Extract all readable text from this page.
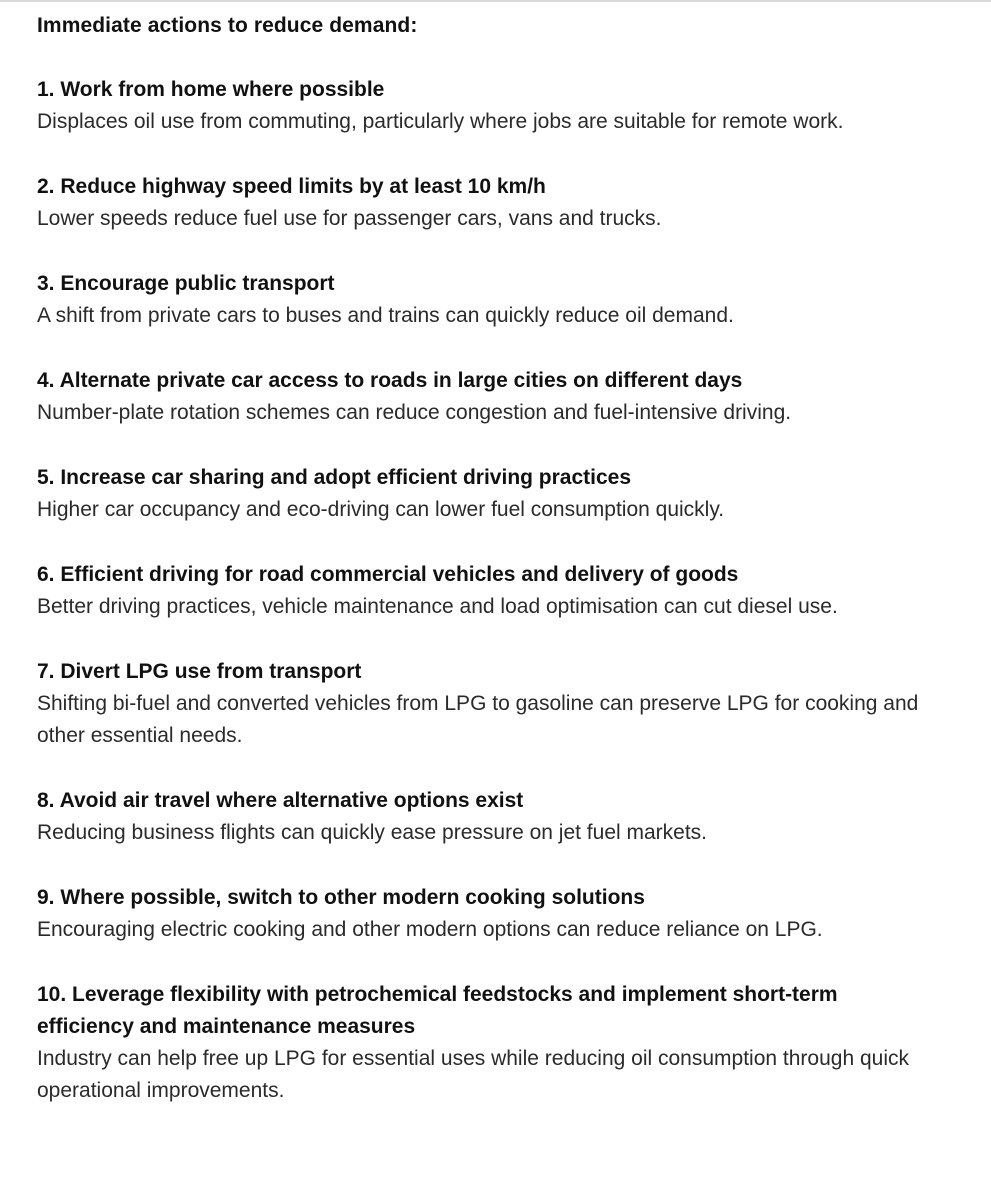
Immediate actions to reduce demand:
1. Work from home where possible
Displaces oil use from commuting, particularly where jobs are suitable for remote work.
2. Reduce highway speed limits by at least 10 km/h
Lower speeds reduce fuel use for passenger cars, vans and trucks.
3. Encourage public transport
A shift from private cars to buses and trains can quickly reduce oil demand.
4. Alternate private car access to roads in large cities on different days
Number-plate rotation schemes can reduce congestion and fuel-intensive driving.
5. Increase car sharing and adopt efficient driving practices
Higher car occupancy and eco-driving can lower fuel consumption quickly.
6. Efficient driving for road commercial vehicles and delivery of goods
Better driving practices, vehicle maintenance and load optimisation can cut diesel use.
7. Divert LPG use from transport
Shifting bi-fuel and converted vehicles from LPG to gasoline can preserve LPG for cooking and other essential needs.
8. Avoid air travel where alternative options exist
Reducing business flights can quickly ease pressure on jet fuel markets.
9. Where possible, switch to other modern cooking solutions
Encouraging electric cooking and other modern options can reduce reliance on LPG.
10. Leverage flexibility with petrochemical feedstocks and implement short-term efficiency and maintenance measures
Industry can help free up LPG for essential uses while reducing oil consumption through quick operational improvements.
